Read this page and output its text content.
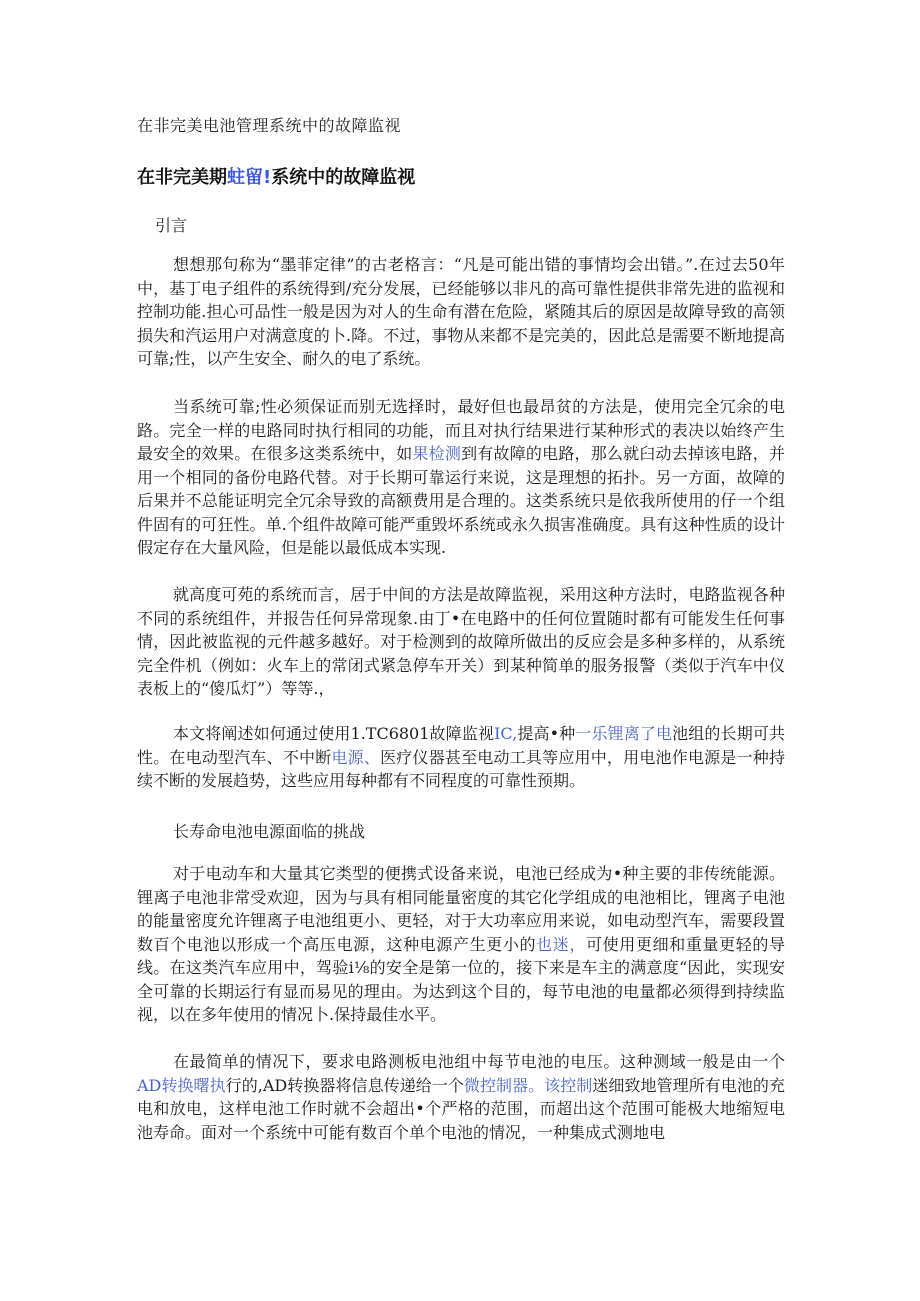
在非完美电池管理系统中的故障监视
在非完美期蛀留!系统中的故障监视
引言

想想那句称为“墨菲定律”的古老格言：“凡是可能出错的事情均会出错。”.在过去50年中，基丁电子组件的系统得到/充分发展，已经能够以非凡的高可靠性提供非常先进的监视和控制功能.担心可品性一般是因为对人的生命有潜在危险，紧随其后的原因是故障导致的高领损失和汽运用户对满意度的卜.降。不过，事物从来都不是完美的，因此总是需要不断地提高可靠;性，以产生安全、耐久的电了系统。

当系统可靠;性必须保证而别无选择时，最好但也最昂贫的方法是，使用完全冗余的电路。完全一样的电路同时执行相同的功能，而且对执行结果进行某种形式的表决以始终产生最安全的效果。在很多这类系统中，如果检测到有故障的电路，那么就臼动去掉该电路，并用一个相同的备份电路代替。对于长期可靠运行来说，这是理想的拓扑。另一方面，故障的后果并不总能证明完全冗余导致的高额费用是合理的。这类系统只是依我所使用的仔一个组件固有的可狂性。单.个组件故障可能严重毁坏系统或永久损害准确度。具有这种性质的设计假定存在大量风险，但是能以最低成本实现.

就高度可苑的系统而言，居于中间的方法是故障监视，采用这种方法时，电路监视各种不同的系统组件，并报告任何异常现象.由丁•在电路中的任何位置随时都有可能发生任何事情，因此被监视的元件越多越好。对于检测到的故障所做出的反应会是多种多样的，从系统完全件机（例如：火车上的常闭式紧急停车开关）到某种简单的服务报警（类似于汽车中仪表板上的“傻瓜灯”）等等.，

本文将阐述如何通过使用1.TC6801故障监视IC,提高•种一乐锂离了电池组的长期可共性。在电动型汽车、不中断电源、医疗仪器甚至电动工具等应用中，用电池作电源是一种持续不断的发展趋势，这些应用每种都有不同程度的可靠性预期。

长寿命电池电源面临的挑战

对于电动车和大量其它类型的便携式设备来说，电池已经成为•种主要的非传统能源。锂离子电池非常受欢迎，因为与具有相同能量密度的其它化学组成的电池相比，锂离子电池的能量密度允许锂离子电池组更小、更轻，对于大功率应用来说，如电动型汽车，需要段置数百个电池以形成一个高压电源，这种电源产生更小的也迷，可使用更细和重量更轻的导线。在这类汽车应用中，驾验i⅛的安全是第一位的，接下来是车主的满意度“因此，实现安全可靠的长期运行有显而易见的理由。为达到这个目的，每节电池的电量都必须得到持续监视，以在多年使用的情况卜.保持最佳水平。

在最简单的情况下，要求电路测板电池组中每节电池的电压。这种测域一般是由一个AD转换曙执行的,AD转换器将信息传递给一个微控制器。该控制迷细致地管理所有电池的充电和放电，这样电池工作时就不会超出•个严格的范围，而超出这个范围可能极大地缩短电池寿命。面对一个系统中可能有数百个单个电池的情况，一种集成式测地电
